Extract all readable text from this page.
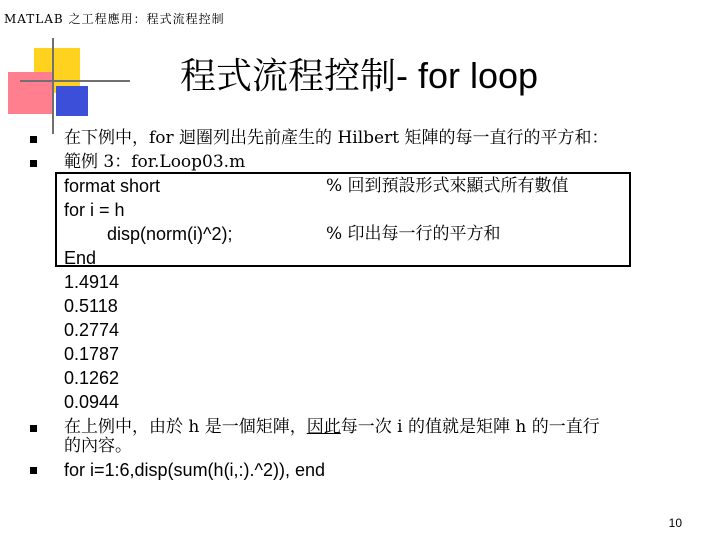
MATLAB 之工程應用：程式流程控制
程式流程控制- for loop
在下例中，for 迴圈列出先前產生的 Hilbert 矩陣的每一直行的平方和：
範例 3：for.Loop03.m
format short	% 回到預設形式來顯式所有數值
for i = h
disp(norm(i)^2);	% 印出每一行的平方和
End
1.4914
0.5118
0.2774
0.1787
0.1262
0.0944
在上例中，由於 h 是一個矩陣，因此每一次 i 的值就是矩陣 h 的一直行
的內容。
for i=1:6,disp(sum(h(i,:).^2)), end
10
